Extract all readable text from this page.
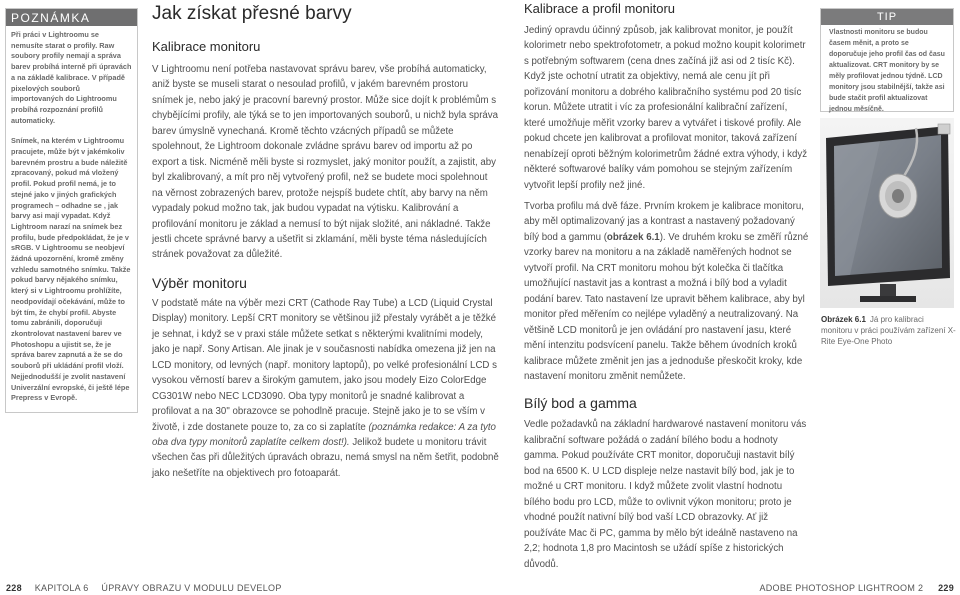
POZNÁMKA

Při práci v Lightroomu se nemusíte starat o profily. Raw soubory profily nemají a správa barev probíhá interně při úpravách a na základě kalibrace. V případě pixelových souborů importovaných do Lightroomu probíhá rozpoznání profilů automaticky.

Snímek, na kterém v Lightroomu pracujete, může být v jakémkoliv barevném prostru a bude náležitě zpracovaný, pokud má vložený profil. Pokud profil nemá, je to stejné jako v jiných grafických programech – odhadne se , jak barvy asi mají vypadat. Když Lightroom narazí na snímek bez profilu, bude předpokládat, že je v sRGB. V Lightroomu se neobjeví žádná upozornění, kromě změny vzhledu samotného snímku. Takže pokud barvy nějakého snímku, který si v Lightroomu prohlížíte, neodpovídají očekávání, může to být tím, že chybí profil. Abyste tomu zabránili, doporučuji zkontrolovat nastavení barev ve Photoshopu a ujistit se, že je správa barev zapnutá a že se do souborů při ukládání profil vloží. Nejjednodušší je zvolit nastavení Univerzální evropské, či ještě lépe Prepress v Evropě.

Jak získat přesné barvy
Kalibrace monitoru

V Lightroomu není potřeba nastavovat správu barev, vše probíhá automaticky, aniž byste se museli starat o nesoulad profilů, v jakém barevném prostoru snímek je, nebo jaký je pracovní barevný prostor. Může sice dojít k problémům s chybějícími profily, ale týká se to jen importovaných souborů, u nichž byla správa barev úmyslně vynechaná. Kromě těchto vzácných případů se můžete spolehnout, že Lightroom dokonale zvládne správu barev od importu až po export a tisk. Nicméně měli byste si rozmyslet, jaký monitor použít, a zajistit, aby byl zkalibrovaný, a mít pro něj vytvořený profil, než se budete moci spolehnout na věrnost zobrazených barev, protože nejspíš budete chtít, aby barvy na něm vypadaly pokud možno tak, jak budou vypadat na výtisku. Kalibrování a profilování monitoru je základ a nemusí to být nijak složité, ani nákladné. Takže jestli chcete správné barvy a ušetřit si zklamání, měli byste téma následujících stránek považovat za důležité.

Výběr monitoru

V podstatě máte na výběr mezi CRT (Cathode Ray Tube) a LCD (Liquid Crystal Display) monitory. Lepší CRT monitory se většinou již přestaly vyrábět a je těžké je sehnat, i když se v praxi stále můžete setkat s některými kvalitními modely, jako je např. Sony Artisan. Ale jinak je v současnosti nabídka omezena již jen na LCD monitory, od levných (např. monitory laptopů), po velké profesionální LCD s vysokou věrností barev a širokým gamutem, jako jsou modely Eizo ColorEdge CG301W nebo NEC LCD3090. Oba typy monitorů je snadné kalibrovat a profilovat a na 30" obrazovce se pohodlně pracuje. Stejně jako je to se vším v životě, i zde dostanete pouze to, za co si zaplatíte (poznámka redakce: A za tyto oba dva typy monitorů zaplatíte celkem dost!). Jelikož budete u monitoru trávit všechen čas při důležitých úpravách obrazu, nemá smysl na něm šetřit, podobně jako nešetříte na objektivech pro fotoaparát.

Kalibrace a profil monitoru

Jediný opravdu účinný způsob, jak kalibrovat monitor, je použít kolorimetr nebo spektrofotometr, a pokud možno koupit kolorimetr s potřebným softwarem (cena dnes začíná již asi od 2 tisíc Kč). Když jste ochotní utratit za objektivy, nemá ale cenu jít při pořizování monitoru a dobrého kalibračního systému pod 20 tisíc korun. Můžete utratit i víc za profesionální kalibrační zařízení, které umožňuje měřit vzorky barev a vytvářet i tiskové profily. Ale pokud chcete jen kalibrovat a profilovat monitor, taková zařízení nenabízejí oproti běžným kolorimetrům žádné extra výhody, i když některé softwarové balíky vám pomohou se stejným zařízením vytvořit lepší profily než jiné.

Tvorba profilu má dvě fáze. Prvním krokem je kalibrace monitoru, aby měl optimalizovaný jas a kontrast a nastavený požadovaný bílý bod a gammu (obrázek 6.1). Ve druhém kroku se změří různé vzorky barev na monitoru a na základě naměřených hodnot se vytvoří profil. Na CRT monitoru mohou být kolečka či tlačítka umožňující nastavit jas a kontrast a možná i bílý bod a vyladit podání barev. Tato nastavení lze upravit během kalibrace, aby byl monitor před měřením co nejlépe vyladěný a neutralizovaný. Na většině LCD monitorů je jen ovládání pro nastavení jasu, které mění intenzitu podsvícení panelu. Takže během úvodních kroků kalibrace můžete změnit jen jas a jednoduše přeskočit kroky, kde nastavení monitoru změnit nemůžete.

Bílý bod a gamma

Vedle požadavků na základní hardwarové nastavení monitoru vás kalibrační software požádá o zadání bílého bodu a hodnoty gamma. Pokud používáte CRT monitor, doporučuji nastavit bílý bod na 6500 K. U LCD displeje nelze nastavit bílý bod, jak je to možné u CRT monitoru. I když můžete zvolit vlastní hodnotu bílého bodu pro LCD, může to ovlivnit výkon monitoru; proto je vhodné použít nativní bílý bod vaší LCD obrazovky. Ať již používáte Mac či PC, gamma by mělo být ideálně nastaveno na 2,2; hodnota 1,8 pro Macintosh se užádí spíše z historických důvodů.

TIP
Vlastnosti monitoru se budou časem měnit, a proto se doporučuje jeho profil čas od času aktualizovat. CRT monitory by se měly profilovat jednou týdně. LCD monitory jsou stabilnější, takže asi bude stačit profil aktualizovat jednou měsíčně.
Obrázek 6.1 Já pro kalibraci monitoru v práci používám zařízení X-Rite Eye-One Photo
228 KAPITOLA 6 ÚPRAVY OBRAZU V MODULU DEVELOP	ADOBE PHOTOSHOP LIGHTROOM 2 229
